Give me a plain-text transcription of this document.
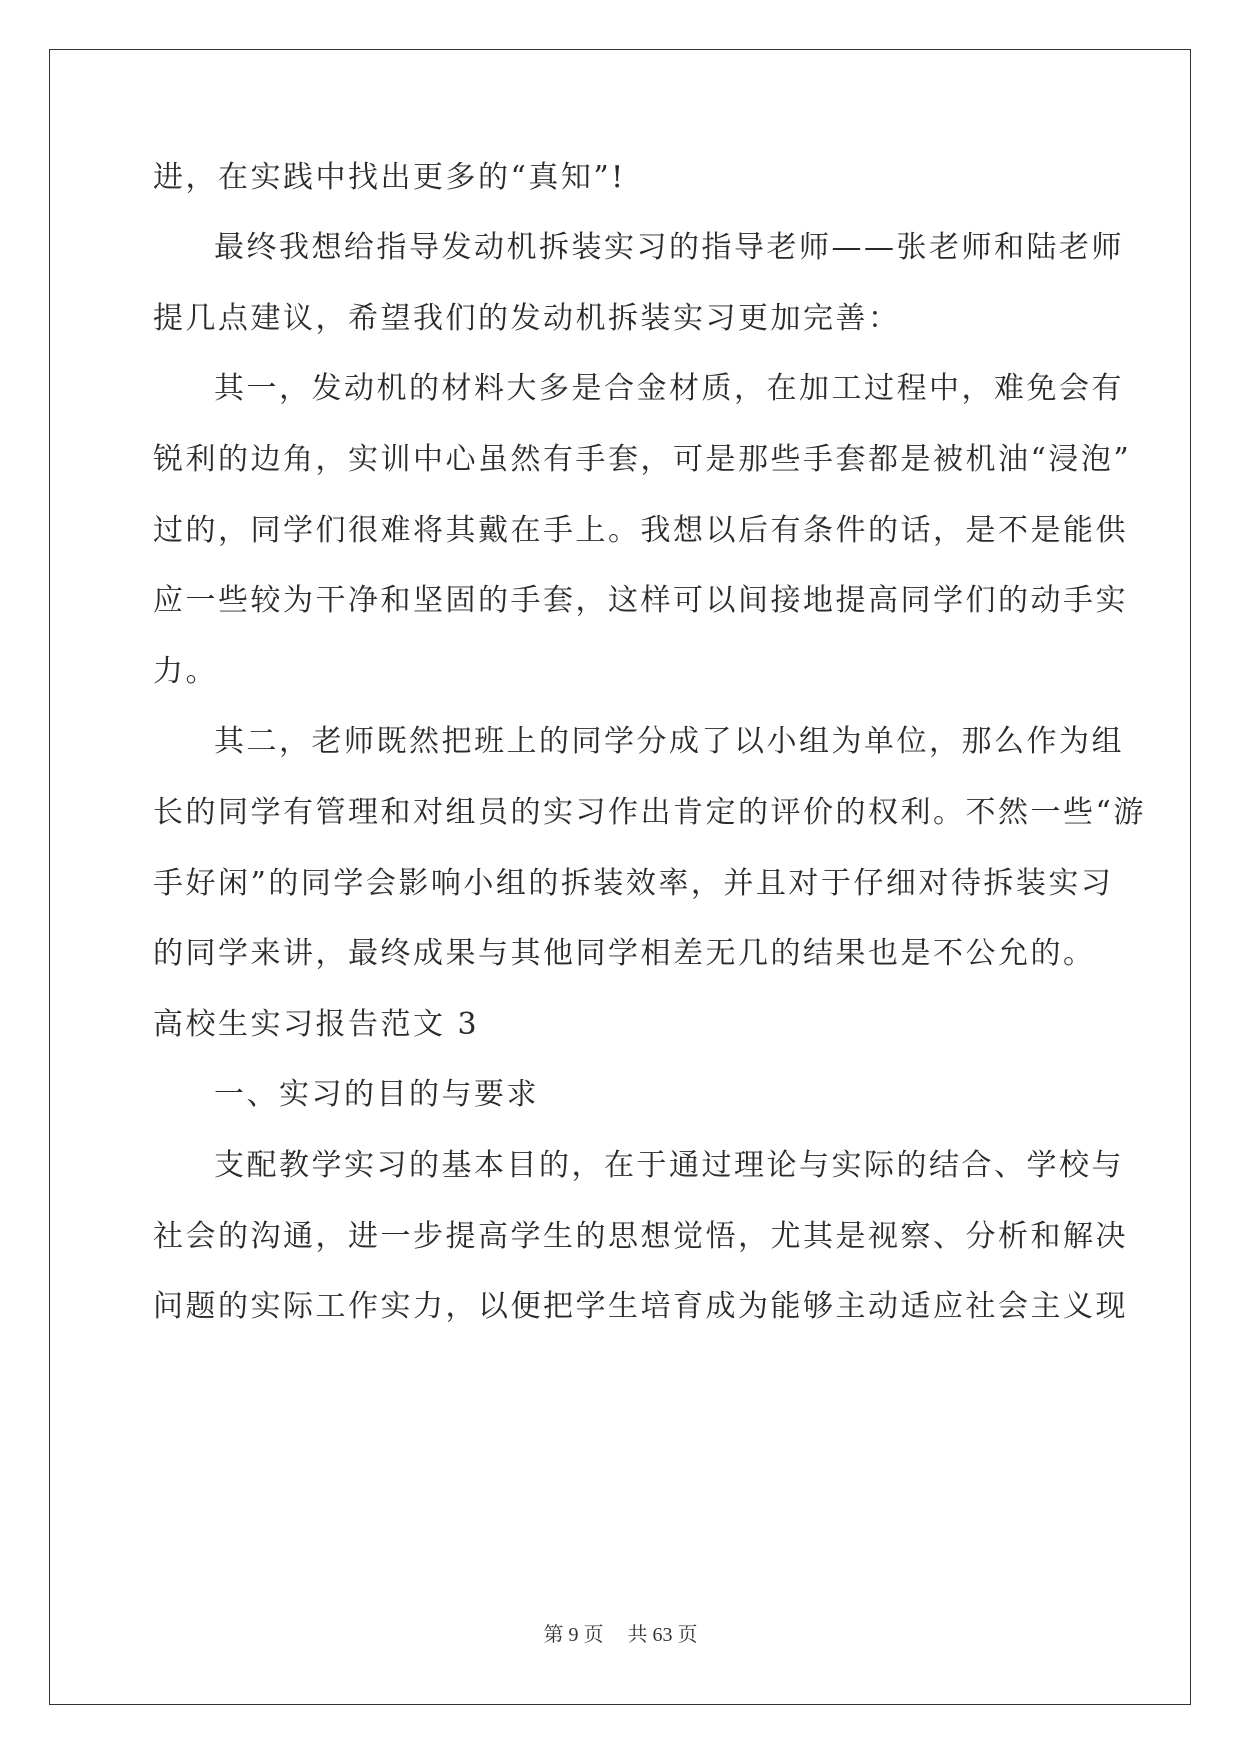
进，在实践中找出更多的“真知”!
最终我想给指导发动机拆装实习的指导老师——张老师和陆老师
提几点建议，希望我们的发动机拆装实习更加完善：
其一，发动机的材料大多是合金材质，在加工过程中，难免会有
锐利的边角，实训中心虽然有手套，可是那些手套都是被机油“浸泡”
过的，同学们很难将其戴在手上。我想以后有条件的话，是不是能供
应一些较为干净和坚固的手套，这样可以间接地提高同学们的动手实
力。
其二，老师既然把班上的同学分成了以小组为单位，那么作为组
长的同学有管理和对组员的实习作出肯定的评价的权利。不然一些“游
手好闲”的同学会影响小组的拆装效率，并且对于仔细对待拆装实习
的同学来讲，最终成果与其他同学相差无几的结果也是不公允的。
高校生实习报告范文 3
一、实习的目的与要求
支配教学实习的基本目的，在于通过理论与实际的结合、学校与
社会的沟通，进一步提高学生的思想觉悟，尤其是视察、分析和解决
问题的实际工作实力，以便把学生培育成为能够主动适应社会主义现
第 9 页 共 63 页
